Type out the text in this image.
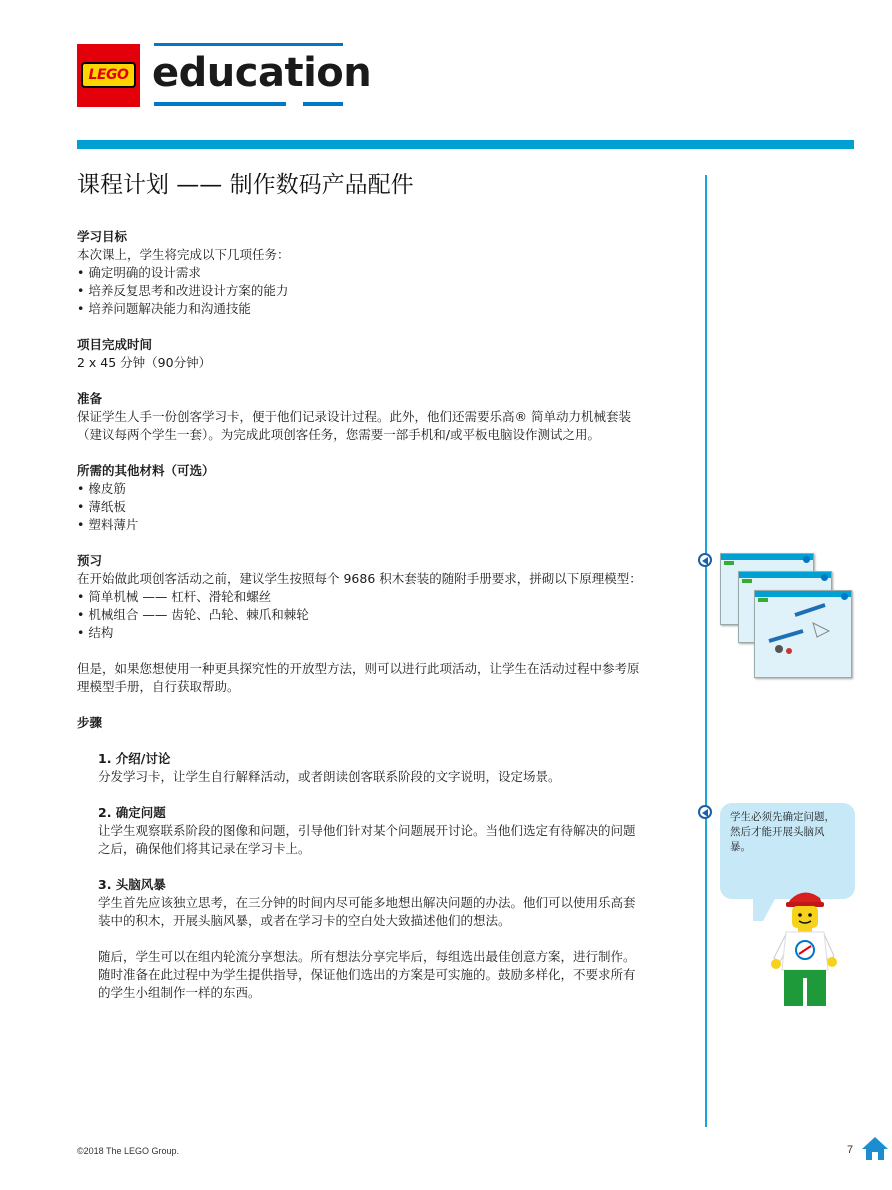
LEGO education
课程计划 —— 制作数码产品配件
学习目标
本次课上，学生将完成以下几项任务：
• 确定明确的设计需求
• 培养反复思考和改进设计方案的能力
• 培养问题解决能力和沟通技能
项目完成时间
2 x 45 分钟（90分钟）
准备
保证学生人手一份创客学习卡，便于他们记录设计过程。此外，他们还需要乐高® 简单动力机械套装
（建议每两个学生一套）。为完成此项创客任务，您需要一部手机和/或平板电脑设作测试之用。
所需的其他材料（可选）
• 橡皮筋
• 薄纸板
• 塑料薄片
预习
在开始做此项创客活动之前，建议学生按照每个 9686 积木套装的随附手册要求，拼砌以下原理模型：
• 简单机械 —— 杠杆、滑轮和螺丝
• 机械组合 —— 齿轮、凸轮、棘爪和棘轮
• 结构
但是，如果您想使用一种更具探究性的开放型方法，则可以进行此项活动，让学生在活动过程中参考原
理模型手册，自行获取帮助。
步骤
1. 介绍/讨论
分发学习卡，让学生自行解释活动，或者朗读创客联系阶段的文字说明，设定场景。
2. 确定问题
让学生观察联系阶段的图像和问题，引导他们针对某个问题展开讨论。当他们选定有待解决的问题
之后，确保他们将其记录在学习卡上。
3. 头脑风暴
学生首先应该独立思考，在三分钟的时间内尽可能多地想出解决问题的办法。他们可以使用乐高套
装中的积木，开展头脑风暴，或者在学习卡的空白处大致描述他们的想法。
随后，学生可以在组内轮流分享想法。所有想法分享完毕后，每组选出最佳创意方案，进行制作。
随时准备在此过程中为学生提供指导，保证他们选出的方案是可实施的。鼓励多样化，不要求所有
的学生小组制作一样的东西。
学生必须先确定问题，
然后才能开展头脑风
暴。
©2018 The LEGO Group.	7
